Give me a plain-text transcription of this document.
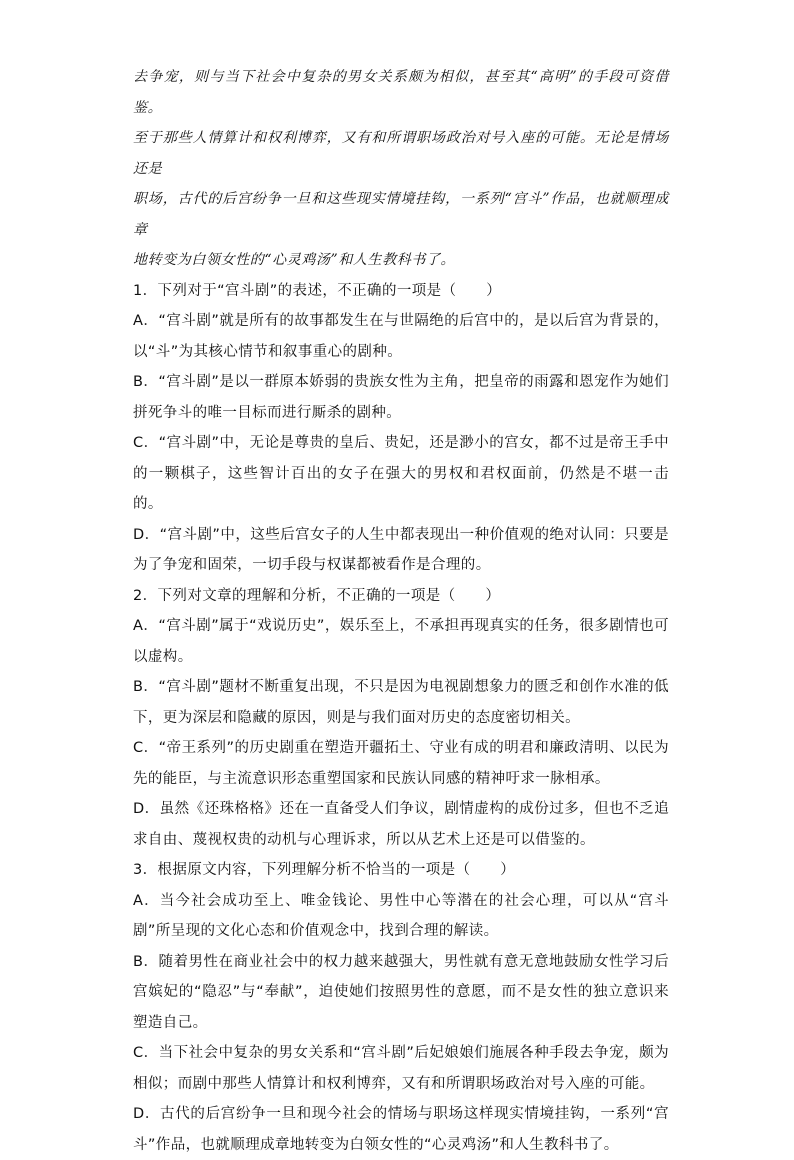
去争宠，则与当下社会中复杂的男女关系颇为相似，甚至其“高明”的手段可资借鉴。

至于那些人情算计和权利博弈，又有和所谓职场政治对号入座的可能。无论是情场还是

职场，古代的后宫纷争一旦和这些现实情境挂钩，一系列“宫斗”作品，也就顺理成章

地转变为白领女性的“心灵鸡汤”和人生教科书了。

1．下列对于“宫斗剧”的表述，不正确的一项是（　　）

A．“宫斗剧”就是所有的故事都发生在与世隔绝的后宫中的，是以后宫为背景的，以“斗”为其核心情节和叙事重心的剧种。

B．“宫斗剧”是以一群原本娇弱的贵族女性为主角，把皇帝的雨露和恩宠作为她们拼死争斗的唯一目标而进行厮杀的剧种。

C．“宫斗剧”中，无论是尊贵的皇后、贵妃，还是渺小的宫女，都不过是帝王手中的一颗棋子，这些智计百出的女子在强大的男权和君权面前，仍然是不堪一击的。

D．“宫斗剧”中，这些后宫女子的人生中都表现出一种价值观的绝对认同：只要是为了争宠和固荣，一切手段与权谋都被看作是合理的。

2．下列对文章的理解和分析，不正确的一项是（　　）

A．“宫斗剧”属于“戏说历史”，娱乐至上，不承担再现真实的任务，很多剧情也可以虚构。

B．“宫斗剧”题材不断重复出现，不只是因为电视剧想象力的匮乏和创作水准的低下，更为深层和隐藏的原因，则是与我们面对历史的态度密切相关。

C．“帝王系列”的历史剧重在塑造开疆拓土、守业有成的明君和廉政清明、以民为先的能臣，与主流意识形态重塑国家和民族认同感的精神吁求一脉相承。

D．虽然《还珠格格》还在一直备受人们争议，剧情虚构的成份过多，但也不乏追求自由、蔑视权贵的动机与心理诉求，所以从艺术上还是可以借鉴的。

3．根据原文内容，下列理解分析不恰当的一项是（　　）

A．当今社会成功至上、唯金钱论、男性中心等潜在的社会心理，可以从“宫斗剧”所呈现的文化心态和价值观念中，找到合理的解读。

B．随着男性在商业社会中的权力越来越强大，男性就有意无意地鼓励女性学习后宫嫔妃的“隐忍”与“奉献”，迫使她们按照男性的意愿，而不是女性的独立意识来塑造自己。

C．当下社会中复杂的男女关系和“宫斗剧”后妃娘娘们施展各种手段去争宠，颇为相似；而剧中那些人情算计和权利博弈，又有和所谓职场政治对号入座的可能。

D．古代的后宫纷争一旦和现今社会的情场与职场这样现实情境挂钩，一系列“宫斗”作品，也就顺理成章地转变为白领女性的“心灵鸡汤”和人生教科书了。
